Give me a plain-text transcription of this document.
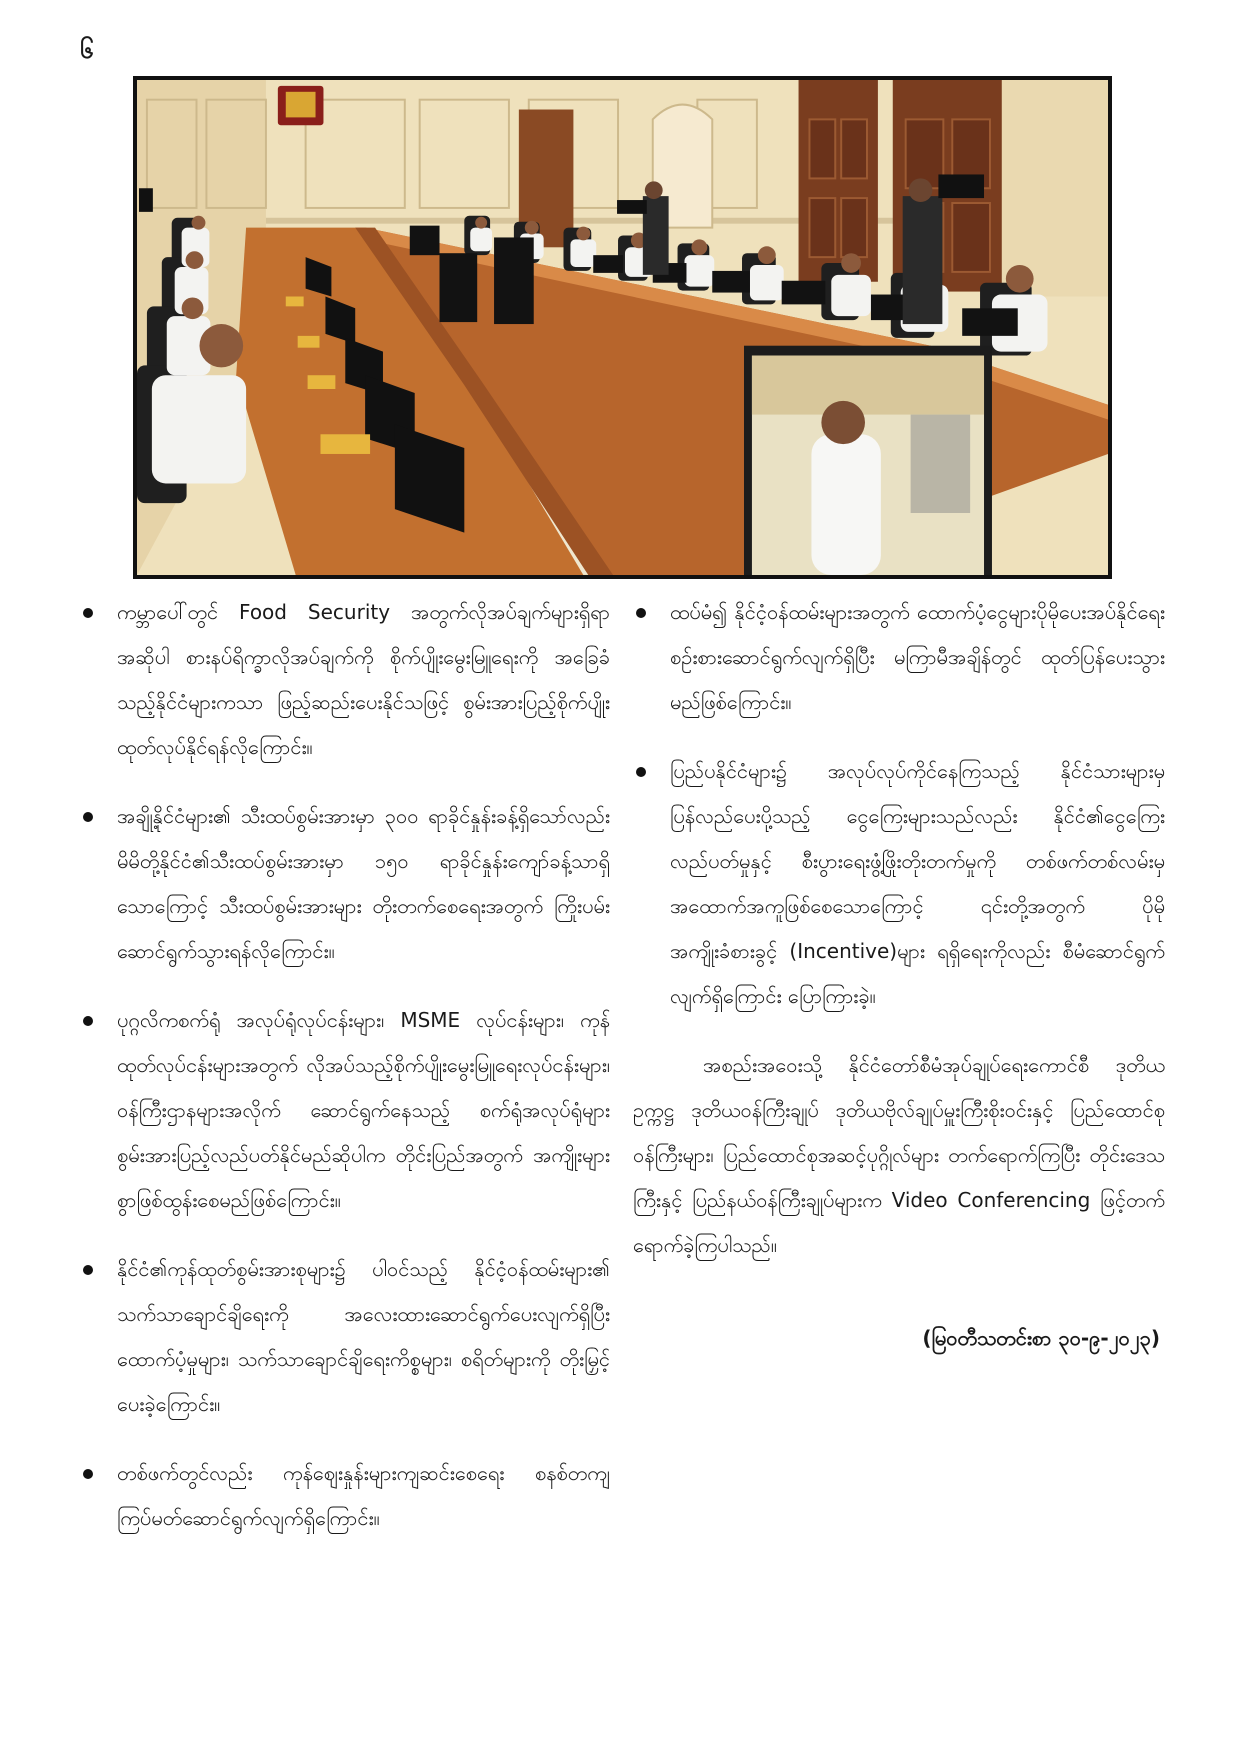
၆
ကမ္ဘာပေါ်တွင် Food Security အတွက်လိုအပ်ချက်များရှိရာ အဆိုပါ စားနပ်ရိက္ခာလိုအပ်ချက်ကို စိုက်ပျိုးမွေးမြူရေးကို အခြေခံသည့်နိုင်ငံများကသာ ဖြည့်ဆည်းပေးနိုင်သဖြင့် စွမ်းအားပြည့်စိုက်ပျိုးထုတ်လုပ်နိုင်ရန်လိုကြောင်း။
အချို့နိုင်ငံများ၏ သီးထပ်စွမ်းအားမှာ ၃၀၀ ရာခိုင်နှုန်းခန့်ရှိသော်လည်း မိမိတို့နိုင်ငံ၏သီးထပ်စွမ်းအားမှာ ၁၅၀ ရာခိုင်နှုန်းကျော်ခန့်သာရှိသောကြောင့် သီးထပ်စွမ်းအားများ တိုးတက်စေရေးအတွက် ကြိုးပမ်းဆောင်ရွက်သွားရန်လိုကြောင်း။
ပုဂ္ဂလိကစက်ရုံ အလုပ်ရုံလုပ်ငန်းများ၊ MSME လုပ်ငန်းများ၊ ကုန်ထုတ်လုပ်ငန်းများအတွက် လိုအပ်သည့်စိုက်ပျိုးမွေးမြူရေးလုပ်ငန်းများ၊ ဝန်ကြီးဌာနများအလိုက် ဆောင်ရွက်နေသည့် စက်ရုံအလုပ်ရုံများ စွမ်းအားပြည့်လည်ပတ်နိုင်မည်ဆိုပါက တိုင်းပြည်အတွက် အကျိုးများစွာဖြစ်ထွန်းစေမည်ဖြစ်ကြောင်း။
နိုင်ငံ၏ကုန်ထုတ်စွမ်းအားစုများ၌ ပါဝင်သည့် နိုင်ငံ့ဝန်ထမ်းများ၏ သက်သာချောင်ချိရေးကို အလေးထားဆောင်ရွက်ပေးလျက်ရှိပြီး ထောက်ပံ့မှုများ၊ သက်သာချောင်ချိရေးကိစ္စများ၊ စရိတ်များကို တိုးမြှင့်ပေးခဲ့ကြောင်း။
တစ်ဖက်တွင်လည်း ကုန်ဈေးနှုန်းများကျဆင်းစေရေး စနစ်တကျ ကြပ်မတ်ဆောင်ရွက်လျက်ရှိကြောင်း။
ထပ်မံ၍ နိုင်ငံ့ဝန်ထမ်းများအတွက် ထောက်ပံ့ငွေများပိုမိုပေးအပ်နိုင်ရေး စဉ်းစားဆောင်ရွက်လျက်ရှိပြီး မကြာမီအချိန်တွင် ထုတ်ပြန်ပေးသွားမည်ဖြစ်ကြောင်း။
ပြည်ပနိုင်ငံများ၌ အလုပ်လုပ်ကိုင်နေကြသည့် နိုင်ငံသားများမှ ပြန်လည်ပေးပို့သည့် ငွေကြေးများသည်လည်း နိုင်ငံ၏ငွေကြေးလည်ပတ်မှုနှင့် စီးပွားရေးဖွံ့ဖြိုးတိုးတက်မှုကို တစ်ဖက်တစ်လမ်းမှ အထောက်အကူဖြစ်စေသောကြောင့် ၎င်းတို့အတွက် ပိုမိုအကျိုးခံစားခွင့် (Incentive)များ ရရှိရေးကိုလည်း စီမံဆောင်ရွက်လျက်ရှိကြောင်း ပြောကြားခဲ့။

အစည်းအဝေးသို့ နိုင်ငံတော်စီမံအုပ်ချုပ်ရေးကောင်စီ ဒုတိယဥက္ကဋ္ဌ ဒုတိယဝန်ကြီးချုပ် ဒုတိယဗိုလ်ချုပ်မှူးကြီးစိုးဝင်းနှင့် ပြည်ထောင်စုဝန်ကြီးများ၊ ပြည်ထောင်စုအဆင့်ပုဂ္ဂိုလ်များ တက်ရောက်ကြပြီး တိုင်းဒေသကြီးနှင့် ပြည်နယ်ဝန်ကြီးချုပ်များက Video Conferencing ဖြင့်တက်ရောက်ခဲ့ကြပါသည်။

(မြဝတီသတင်းစာ ၃၀-၉-၂၀၂၃)
